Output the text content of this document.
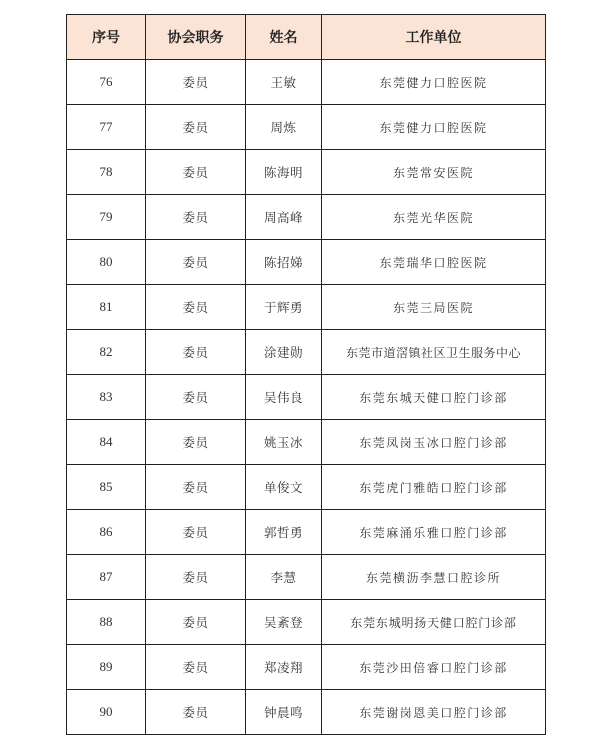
序号	协会职务	姓名	工作单位
76	委员	王敏	东莞健力口腔医院
77	委员	周炼	东莞健力口腔医院
78	委员	陈海明	东莞常安医院
79	委员	周高峰	东莞光华医院
80	委员	陈招娣	东莞瑞华口腔医院
81	委员	于辉勇	东莞三局医院
82	委员	涂建勋	东莞市道滘镇社区卫生服务中心
83	委员	吴伟良	东莞东城天健口腔门诊部
84	委员	姚玉冰	东莞凤岗玉冰口腔门诊部
85	委员	单俊文	东莞虎门雅皓口腔门诊部
86	委员	郭哲勇	东莞麻涌乐雅口腔门诊部
87	委员	李慧	东莞横沥李慧口腔诊所
88	委员	吴紊登	东莞东城明扬天健口腔门诊部
89	委员	郑凌翔	东莞沙田倍睿口腔门诊部
90	委员	钟晨鸣	东莞谢岗恩美口腔门诊部
